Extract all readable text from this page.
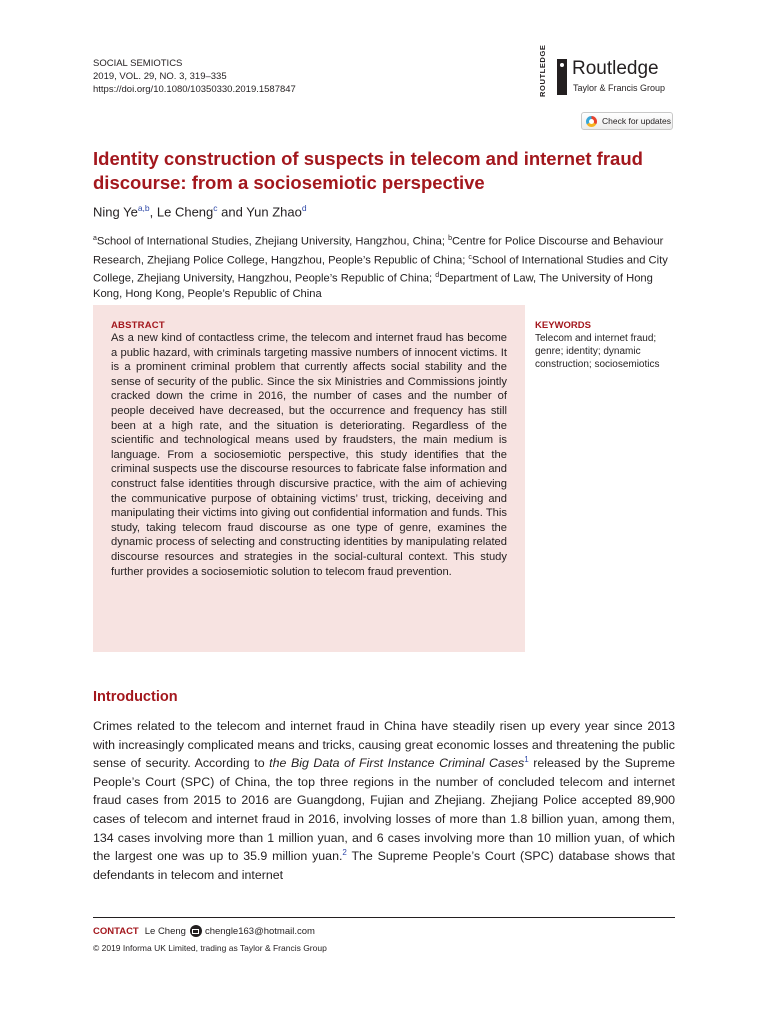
SOCIAL SEMIOTICS
2019, VOL. 29, NO. 3, 319–335
https://doi.org/10.1080/10350330.2019.1587847	ROUTLEDGE Routledge
Taylor & Francis Group
Check for updates
Identity construction of suspects in telecom and internet fraud discourse: from a sociosemiotic perspective
Ning Ye$^{a,b}$, Le Cheng$^c$ and Yun Zhao$^d$
$^a$School of International Studies, Zhejiang University, Hangzhou, China; $^b$Centre for Police Discourse and Behaviour Research, Zhejiang Police College, Hangzhou, People’s Republic of China; $^c$School of International Studies and City College, Zhejiang University, Hangzhou, People’s Republic of China; $^d$Department of Law, The University of Hong Kong, Hong Kong, People’s Republic of China
ABSTRACT
As a new kind of contactless crime, the telecom and internet fraud has become a public hazard, with criminals targeting massive numbers of innocent victims. It is a prominent criminal problem that currently affects social stability and the sense of security of the public. Since the six Ministries and Commissions jointly cracked down the crime in 2016, the number of cases and the number of people deceived have decreased, but the occurrence and frequency has still been at a high rate, and the situation is deteriorating. Regardless of the scientific and technological means used by fraudsters, the main medium is language. From a sociosemiotic perspective, this study identifies that the criminal suspects use the discourse resources to fabricate false information and construct false identities through discursive practice, with the aim of achieving the communicative purpose of obtaining victims’ trust, tricking, deceiving and manipulating their victims into giving out confidential information and funds. This study, taking telecom fraud discourse as one type of genre, examines the dynamic process of selecting and constructing identities by manipulating related discourse resources and strategies in the social-cultural context. This study further provides a sociosemiotic solution to telecom fraud prevention.
KEYWORDS
Telecom and internet fraud; genre; identity; dynamic construction; sociosemiotics
Introduction
Crimes related to the telecom and internet fraud in China have steadily risen up every year since 2013 with increasingly complicated means and tricks, causing great economic losses and threatening the public sense of security. According to the Big Data of First Instance Criminal Cases$^1$ released by the Supreme People’s Court (SPC) of China, the top three regions in the number of concluded telecom and internet fraud cases from 2015 to 2016 are Guangdong, Fujian and Zhejiang. Zhejiang Police accepted 89,900 cases of telecom and internet fraud in 2016, involving losses of more than 1.8 billion yuan, among them, 134 cases involving more than 1 million yuan, and 6 cases involving more than 10 million yuan, of which the largest one was up to 35.9 million yuan.$^2$ The Supreme People’s Court (SPC) database shows that defendants in telecom and internet
CONTACT Le Cheng chengle163@hotmail.com
© 2019 Informa UK Limited, trading as Taylor & Francis Group
